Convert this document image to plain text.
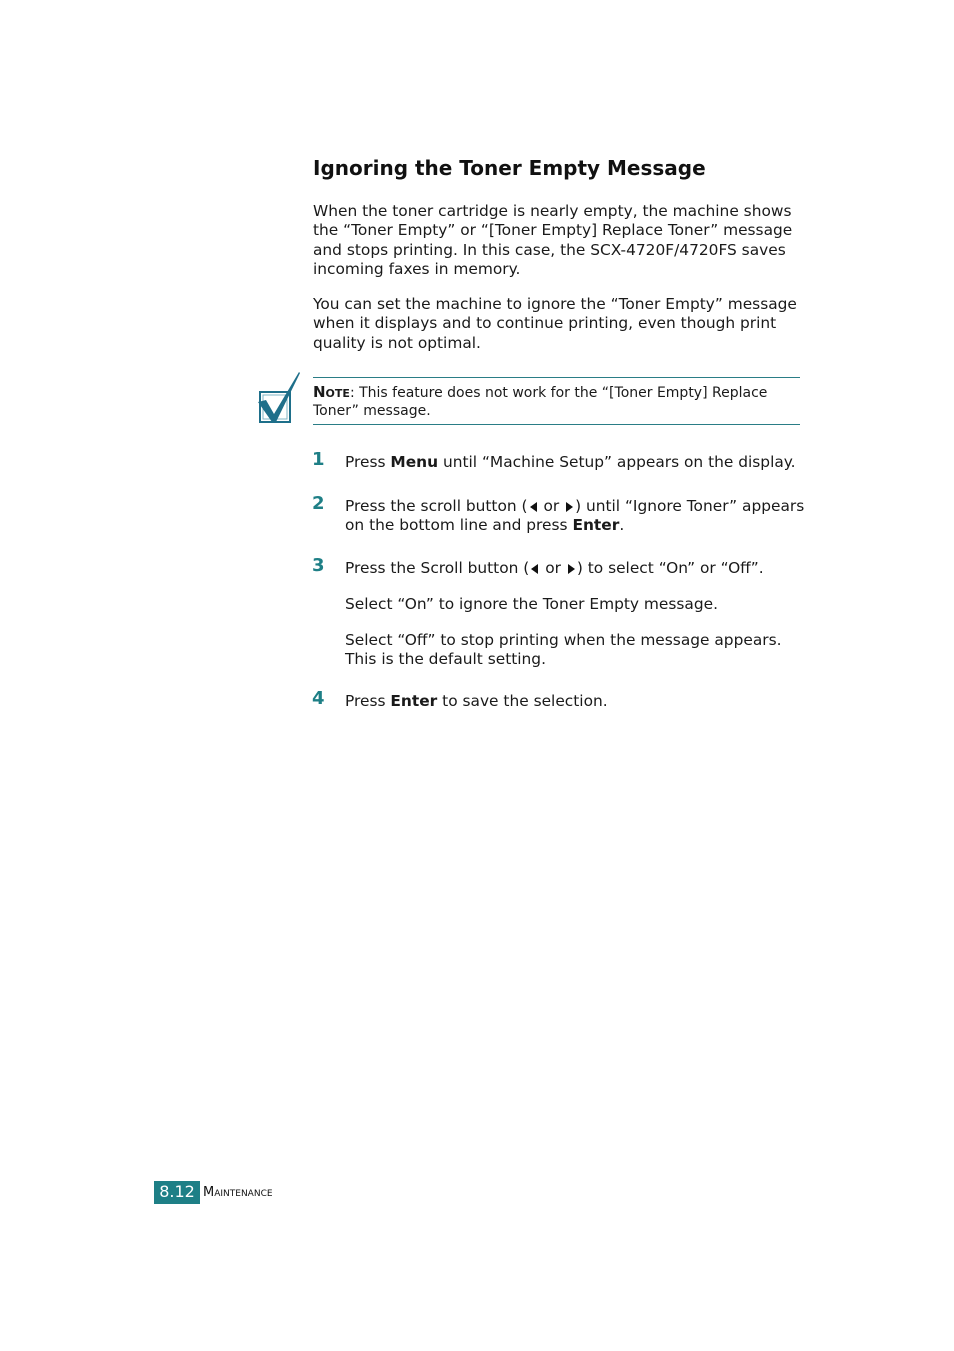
Ignoring the Toner Empty Message

When the toner cartridge is nearly empty, the machine shows the “Toner Empty” or “[Toner Empty] Replace Toner” message and stops printing. In this case, the SCX-4720F/4720FS saves incoming faxes in memory.

You can set the machine to ignore the “Toner Empty” message when it displays and to continue printing, even though print quality is not optimal.

Note: This feature does not work for the “[Toner Empty] Replace Toner” message.

1 Press Menu until “Machine Setup” appears on the display.

2 Press the scroll button ( or ) until “Ignore Toner” appears on the bottom line and press Enter.

3 Press the Scroll button ( or ) to select “On” or “Off”.

Select “On” to ignore the Toner Empty message.

Select “Off” to stop printing when the message appears. This is the default setting.

4 Press Enter to save the selection.

8.12 Maintenance
